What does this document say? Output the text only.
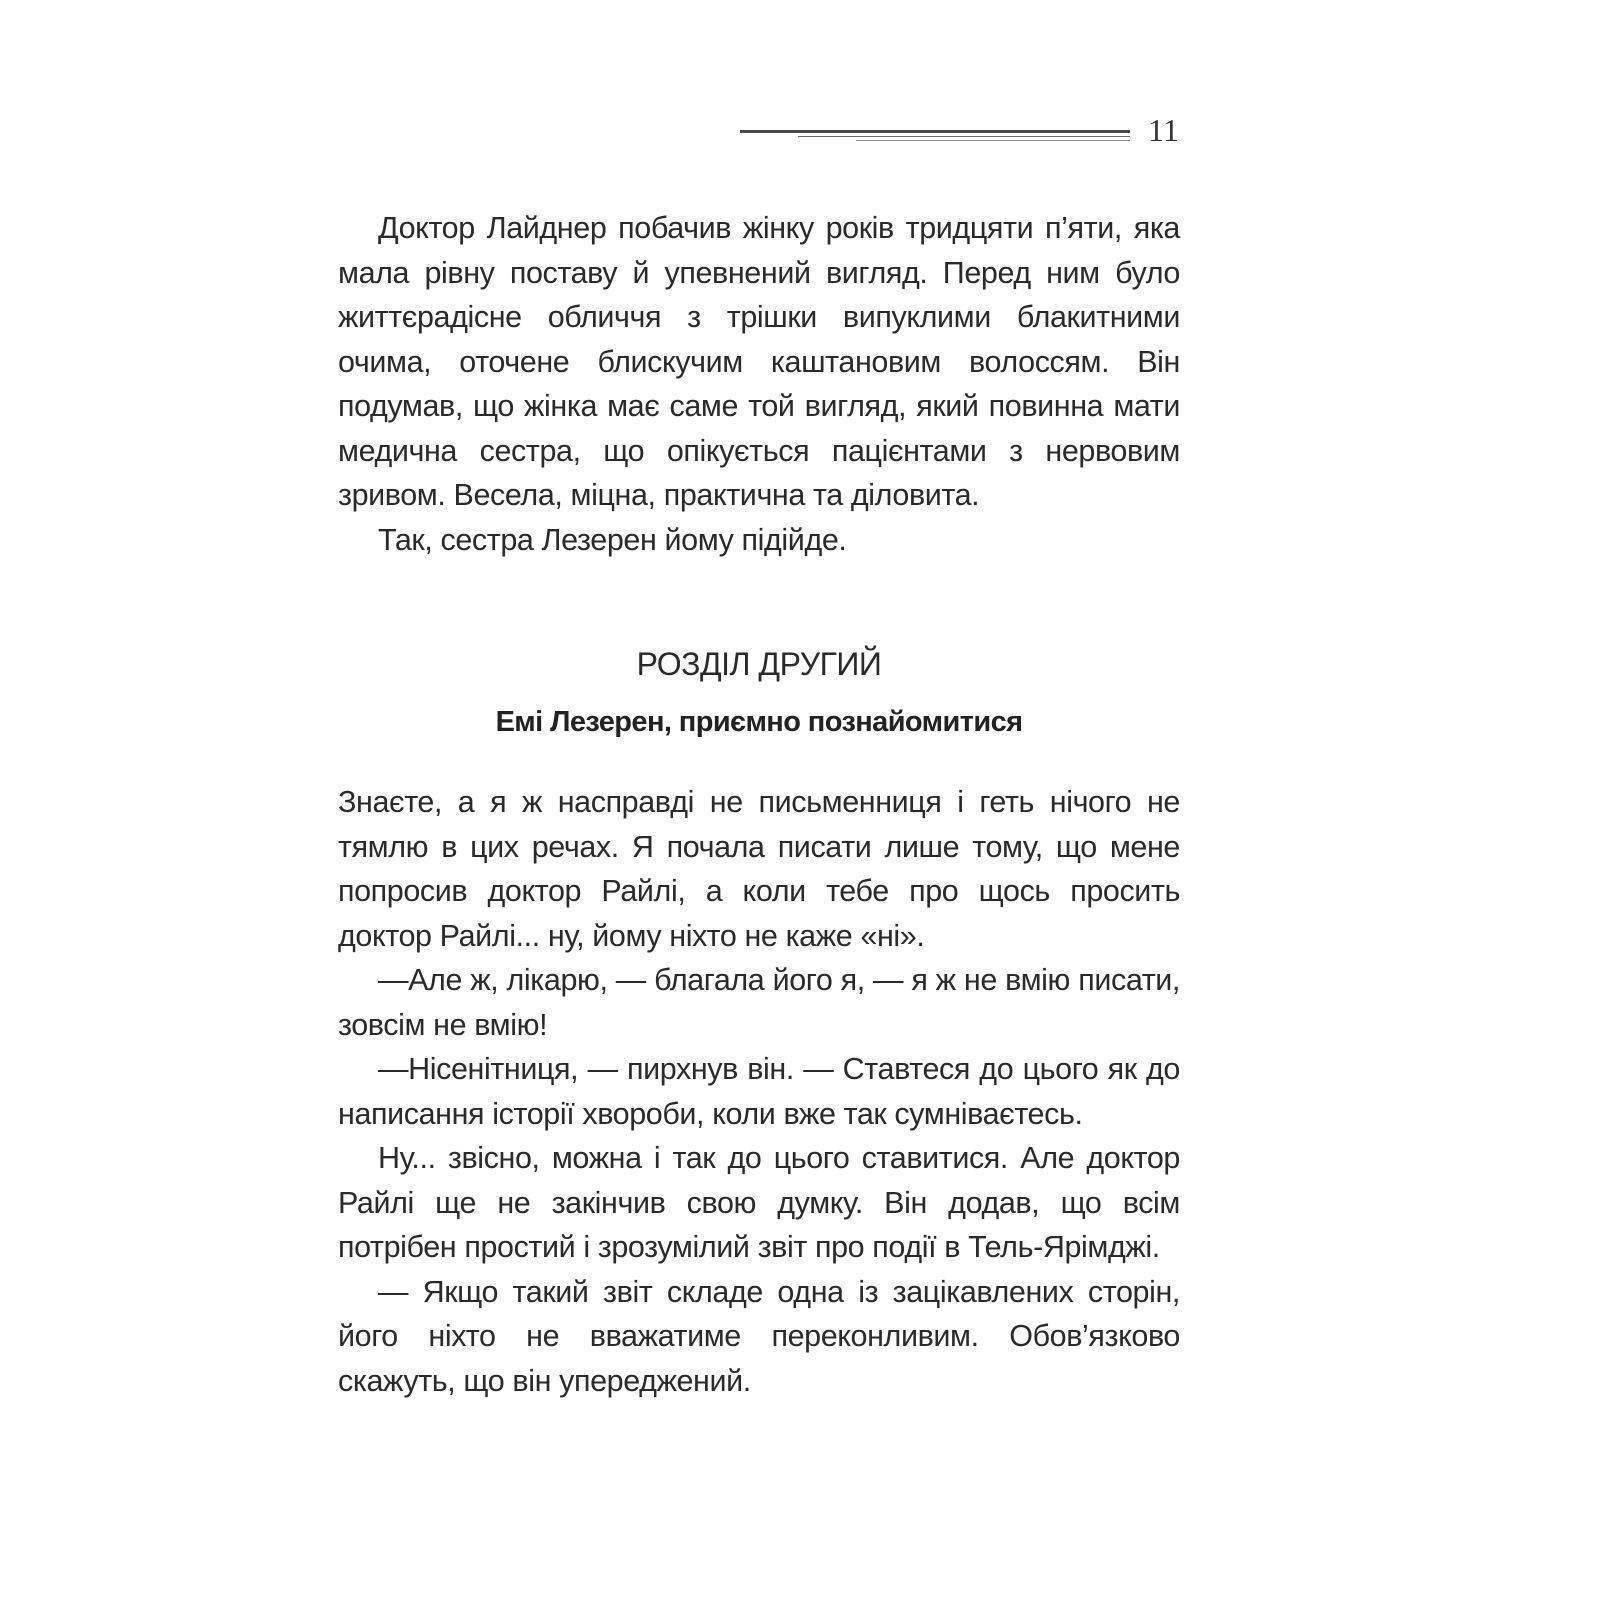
11

Доктор Лайднер побачив жінку років тридцяти п’яти, яка мала рівну поставу й упевнений вигляд. Перед ним було життєрадісне обличчя з трішки випуклими блакитними очима, оточене блискучим каштановим волоссям. Він подумав, що жінка має саме той вигляд, який повинна мати медична сестра, що опікується пацієнтами з нервовим зривом. Весела, міцна, практична та діловита.

Так, сестра Лезерен йому підійде.

РОЗДІЛ ДРУГИЙ
Емі Лезерен, приємно познайомитися

Знаєте, а я ж насправді не письменниця і геть нічого не тямлю в цих речах. Я почала писати лише тому, що мене попросив доктор Райлі, а коли тебе про щось просить доктор Райлі... ну, йому ніхто не каже «ні».

—Але ж, лікарю, — благала його я, — я ж не вмію писати, зовсім не вмію!

—Нісенітниця, — пирхнув він. — Ставтеся до цього як до написання історії хвороби, коли вже так сумніваєтесь.

Ну... звісно, можна і так до цього ставитися. Але доктор Райлі ще не закінчив свою думку. Він додав, що всім потрібен простий і зрозумілий звіт про події в Тель-Ярімджі.

— Якщо такий звіт складе одна із зацікавлених сторін, його ніхто не вважатиме переконливим. Обов’язково скажуть, що він упереджений.
